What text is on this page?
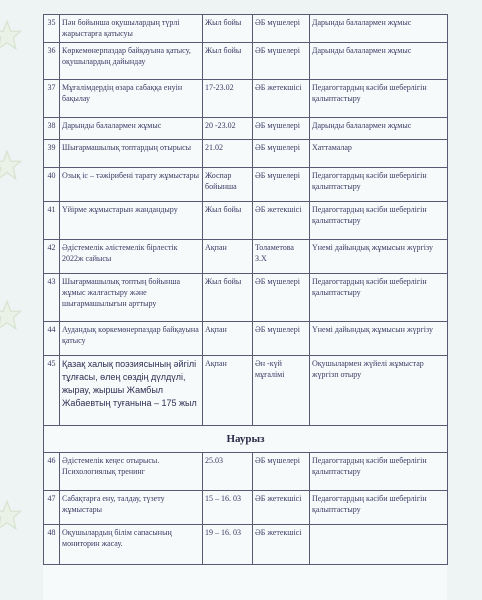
35	Пән бойынша оқушылардың түрлі жарыстарға қатысуы	Жыл бойы	ӘБ мүшелері	Дарынды балалармен жұмыс
36	Көркемөнерпаздар байқауына қатысу, оқушылардың дайындау	Жыл бойы	ӘБ мүшелері	Дарынды балалармен жұмыс
37	Мұғалімдердің өзара сабаққа енуін бақылау	17-23.02	ӘБ жетекшісі	Педагогтардың кәсіби шеберлігін қалыптастыру
38	Дарынды балалармен жұмыс	20 -23.02	ӘБ мүшелері	Дарынды балалармен жұмыс
39	Шығармашылық топтардың отырысы	21.02	ӘБ мүшелері	Хаттамалар
40	Озық іс – тәжірибені тарату жұмыстары	Жоспар бойынша	ӘБ мүшелері	Педагогтардың кәсіби шеберлігін қалыптастыру
41	Үйірме жұмыстарын жандандыру	Жыл бойы	ӘБ жетекшісі	Педагогтардың кәсіби шеберлігін қалыптастыру
42	Әдістемелік әлістемелік бірлестік 2022ж сайысы	Ақпан	Толаметова З.Х	Үнемі дайындық жұмысын жүргізу
43	Шығармашылық топтың бойынша жұмыс жалғастыру және шығармашылығын арттыру	Жыл бойы	ӘБ мүшелері	Педагогтардың кәсіби шеберлігін қалыптастыру
44	Аудандық көркемөнерпаздар байқауына қатысу	Ақпан	ӘБ мүшелері	Үнемі дайындық жұмысын жүргізу
45	Қазақ халық поэзиясының әйгілі тұлғасы, өлең сөздің дүлдүлі, жырау, жыршы Жамбыл Жабаевтың туғанына – 175 жыл	Ақпан	Ән -күй мұғалімі	Оқушылармен жүйелі жұмыстар жүргізп отыру
Наурыз				
46	Әдістемелік кеңес отырысы. Психологиялық тренинг	25.03	ӘБ мүшелері	Педагогтардың кәсіби шеберлігін қалыптастыру
47	Сабақтарға ену, талдау, түзету жұмыстары	15 – 16. 03	ӘБ жетекшісі	Педагогтардың кәсіби шеберлігін қалыптастыру
48	Оқушылардың білім сапасының мониторин жасау.	19 – 16. 03	ӘБ жетекшісі	
